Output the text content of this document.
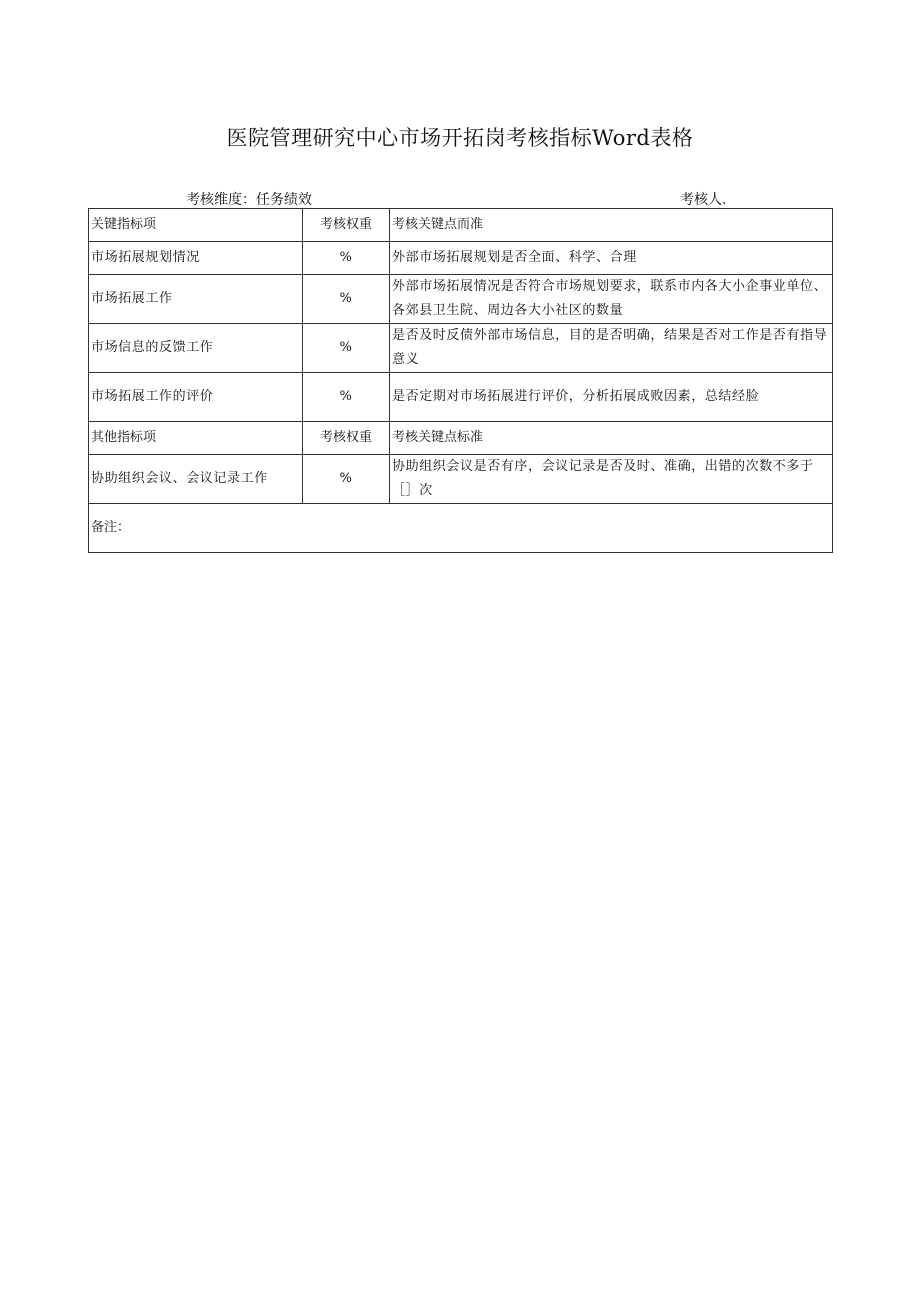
医院管理研究中心市场开拓岗考核指标Word表格
考核维度：任务绩效	考核人.
关键指标项	考核权重	考核关键点而准
市场拓展规划情况	%	外部市场拓展规划是否全面、科学、合理
市场拓展工作	%	外部市场拓展情况是否符合市场规划要求，联系市内各大小企事业单位、各郊县卫生院、周边各大小社区的数量
市场信息的反馈工作	%	是否及时反债外部市场信息，目的是否明确，结果是否对工作是否有指导意义
市场拓展工作的评价	%	是否定期对市场拓展进行评价，分析拓展成败因素，总结经脸
其他指标项	考核权重	考核关键点标准
协助组织会议、会议记录工作	%	协助组织会议是否有序，会议记录是否及时、准确，出错的次数不多于［］次
备注：		
